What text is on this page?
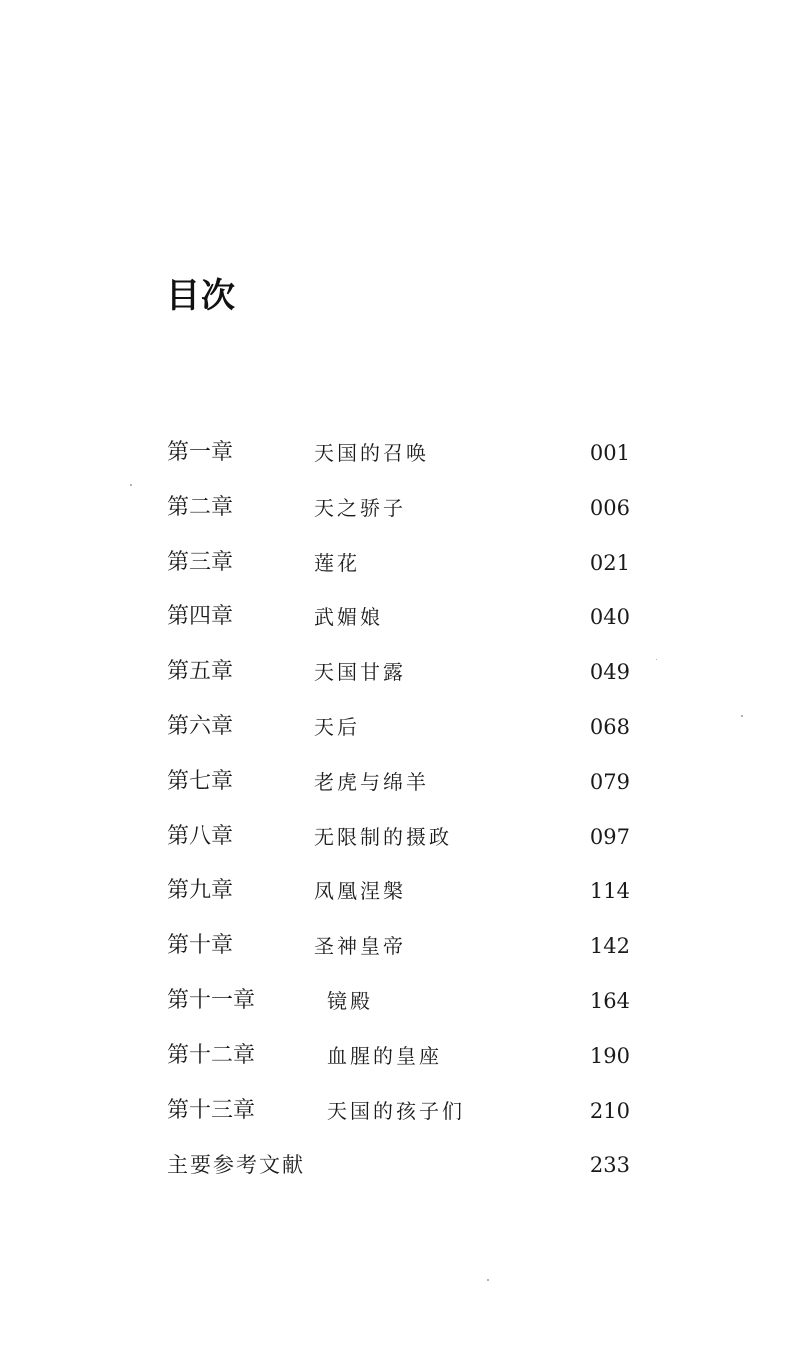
目次
第一章	天国的召唤	001
第二章	天之骄子	006
第三章	莲花	021
第四章	武媚娘	040
第五章	天国甘露	049
第六章	天后	068
第七章	老虎与绵羊	079
第八章	无限制的摄政	097
第九章	凤凰涅槃	114
第十章	圣神皇帝	142
第十一章	镜殿	164
第十二章	血腥的皇座	190
第十三章	天国的孩子们	210
主要参考文献	233
